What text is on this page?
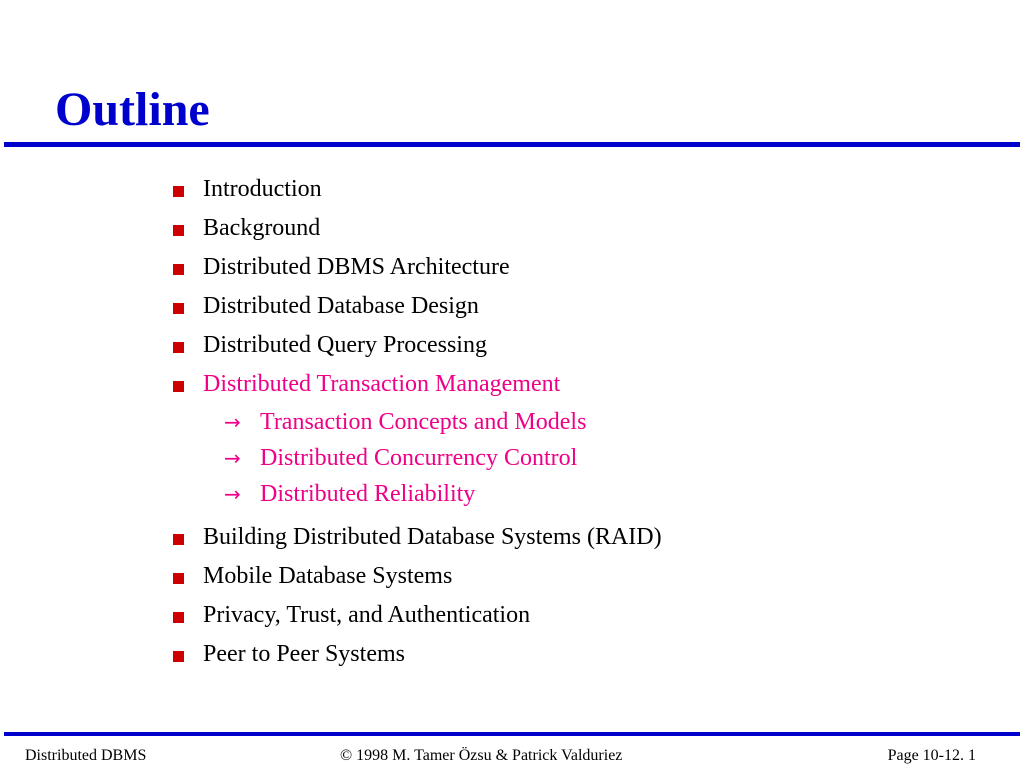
Outline
Introduction
Background
Distributed DBMS Architecture
Distributed Database Design
Distributed Query Processing
Distributed Transaction Management
→ Transaction Concepts and Models
→ Distributed Concurrency Control
→ Distributed Reliability
Building Distributed Database Systems (RAID)
Mobile Database Systems
Privacy, Trust, and Authentication
Peer to Peer Systems
Distributed DBMS	© 1998 M. Tamer Özsu & Patrick Valduriez	Page 10-12. 1
